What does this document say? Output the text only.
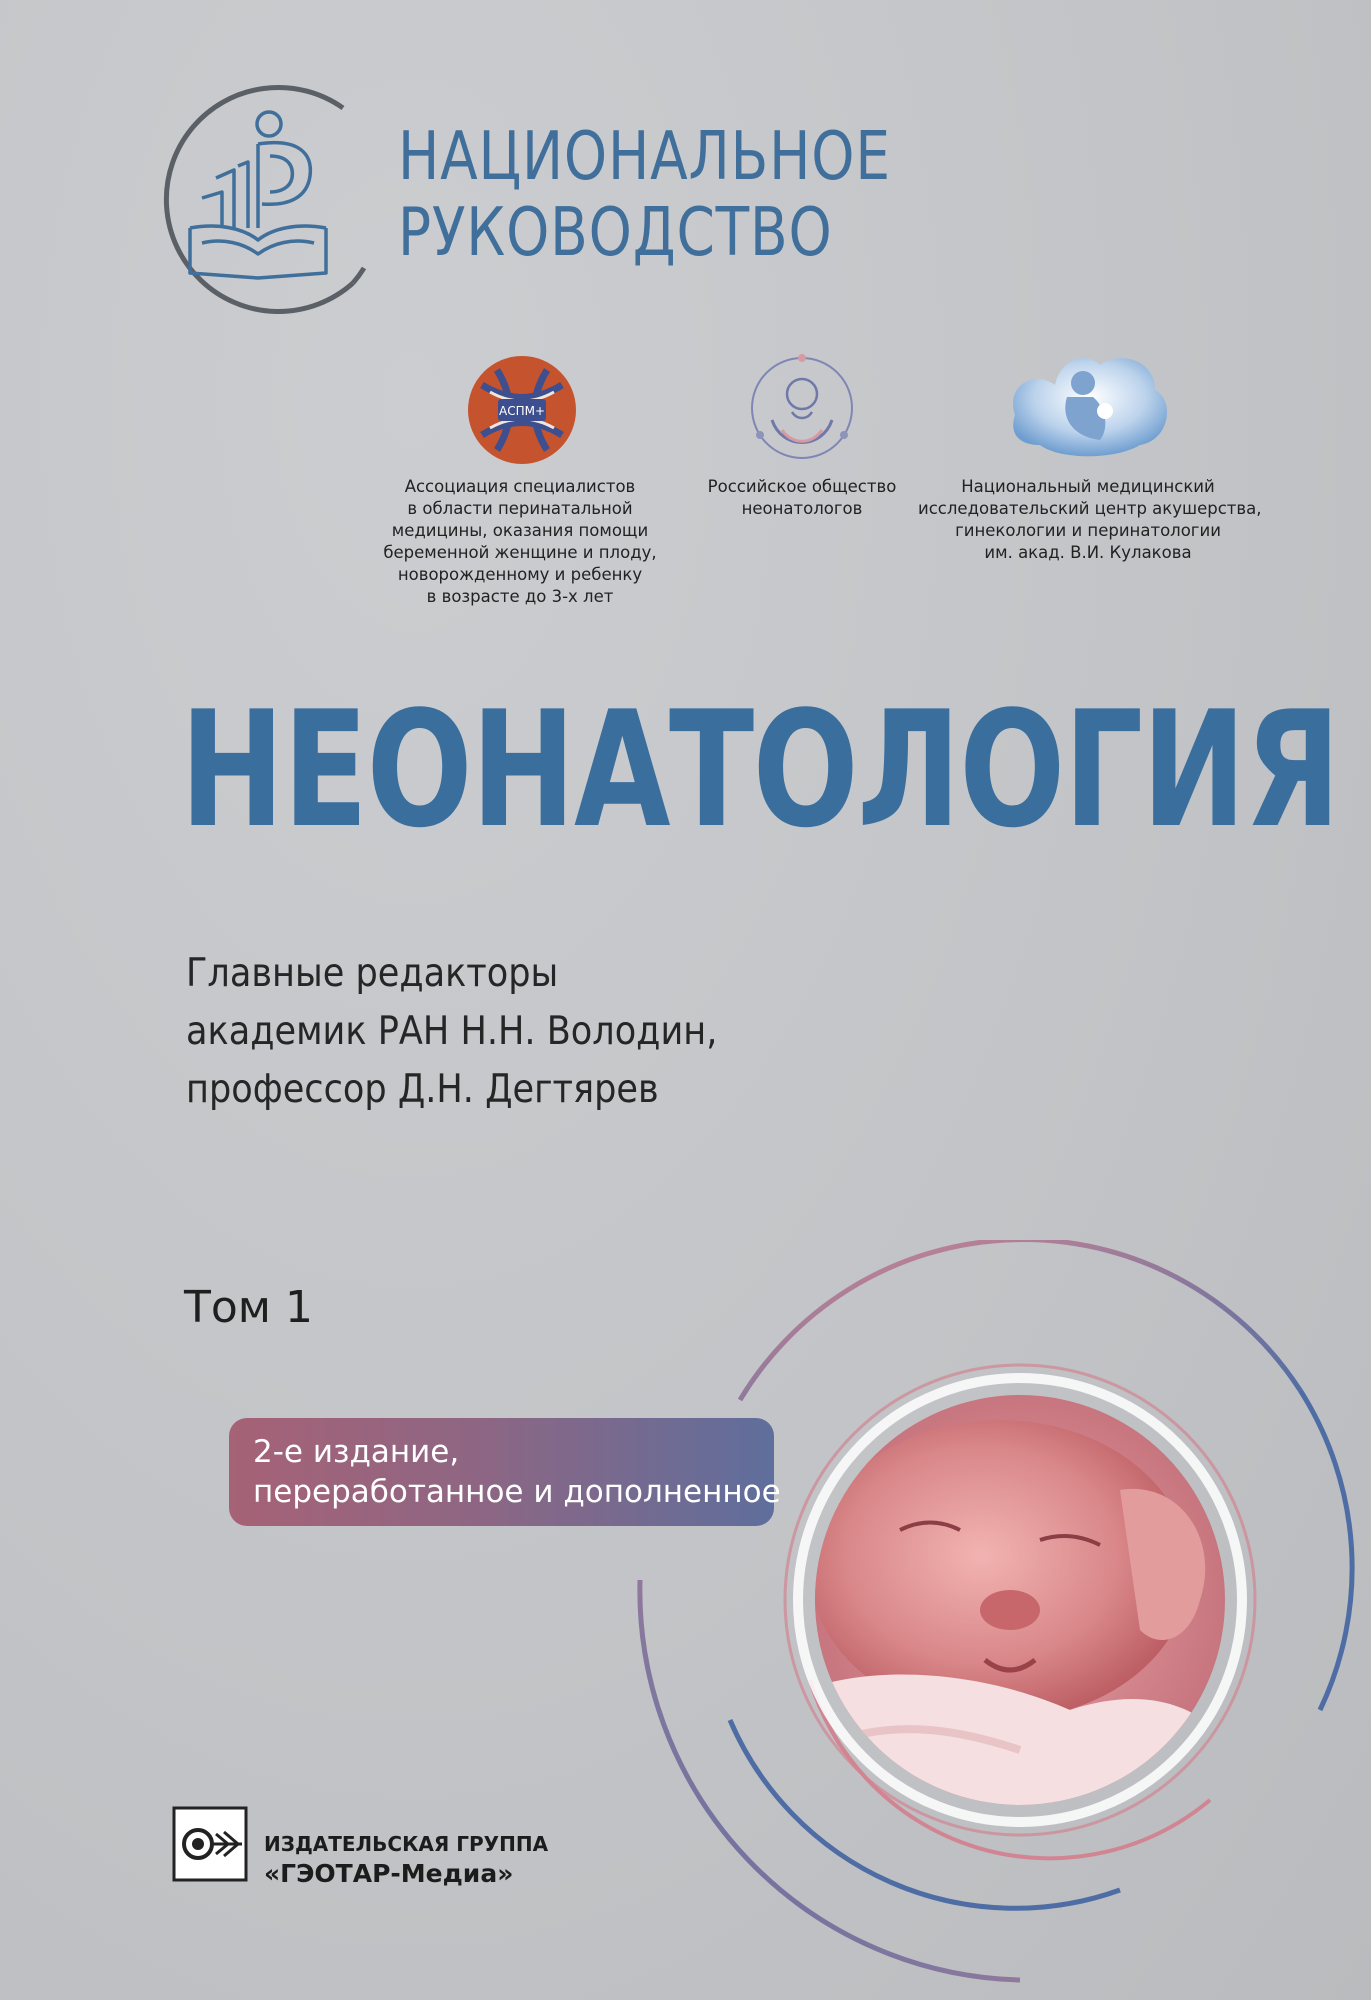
НАЦИОНАЛЬНОЕ
РУКОВОДСТВО
АСПМ+
Ассоциация специалистов
в области перинатальной
медицины, оказания помощи
беременной женщине и плоду,
новорожденному и ребенку
в возрасте до 3-х лет
Российское общество
неонатологов
Национальный медицинский
исследовательский центр акушерства,
гинекологии и перинатологии
им. акад. В.И. Кулакова
НЕОНАТОЛОГИЯ
Главные редакторы
академик РАН Н.Н. Володин,
профессор Д.Н. Дегтярев
Том 1
2-е издание,
переработанное и дополненное
ИЗДАТЕЛЬСКАЯ ГРУППА
«ГЭОТАР-Медиа»
